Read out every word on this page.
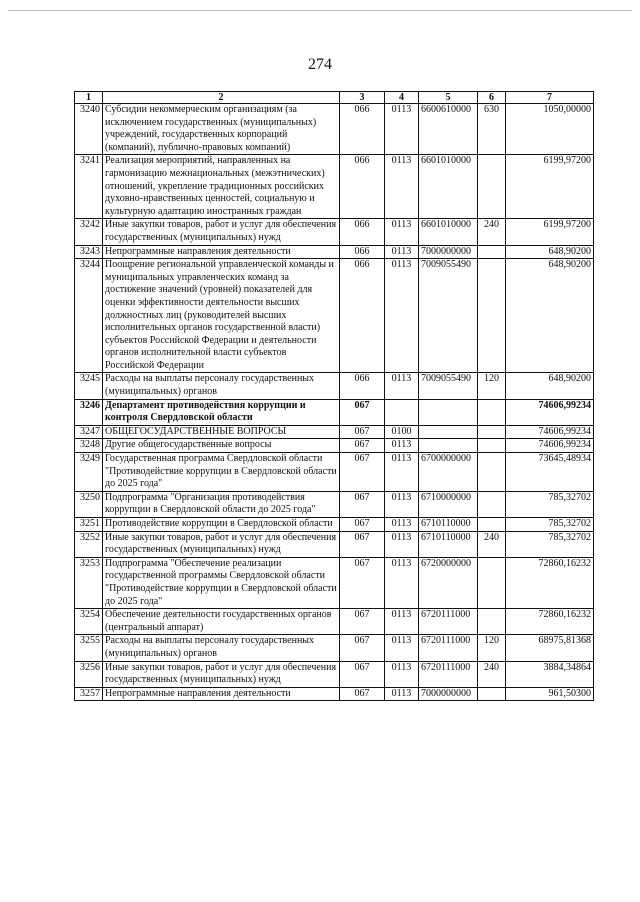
274
1	2	3	4	5	6	7
3240	Субсидии некоммерческим организациям (за исключением государственных (муниципальных) учреждений, государственных корпораций (компаний), публично-правовых компаний)	066	0113	6600610000	630	1050,00000
3241	Реализация мероприятий, направленных на гармонизацию межнациональных (межэтнических) отношений, укрепление традиционных российских духовно-нравственных ценностей, социальную и культурную адаптацию иностранных граждан	066	0113	6601010000		6199,97200
3242	Иные закупки товаров, работ и услуг для обеспечения государственных (муниципальных) нужд	066	0113	6601010000	240	6199,97200
3243	Непрограммные направления деятельности	066	0113	7000000000		648,90200
3244	Поощрение региональной управленческой команды и муниципальных управленческих команд за достижение значений (уровней) показателей для оценки эффективности деятельности высших должностных лиц (руководителей высших исполнительных органов государственной власти) субъектов Российской Федерации и деятельности органов исполнительной власти субъектов Российской Федерации	066	0113	7009055490		648,90200
3245	Расходы на выплаты персоналу государственных (муниципальных) органов	066	0113	7009055490	120	648,90200
3246	Департамент противодействия коррупции и контроля Свердловской области	067				74606,99234
3247	ОБЩЕГОСУДАРСТВЕННЫЕ ВОПРОСЫ	067	0100			74606,99234
3248	Другие общегосударственные вопросы	067	0113			74606,99234
3249	Государственная программа Свердловской области "Противодействие коррупции в Свердловской области до 2025 года"	067	0113	6700000000		73645,48934
3250	Подпрограмма "Организация противодействия коррупции в Свердловской области до 2025 года"	067	0113	6710000000		785,32702
3251	Противодействие коррупции в Свердловской области	067	0113	6710110000		785,32702
3252	Иные закупки товаров, работ и услуг для обеспечения государственных (муниципальных) нужд	067	0113	6710110000	240	785,32702
3253	Подпрограмма "Обеспечение реализации государственной программы Свердловской области "Противодействие коррупции в Свердловской области до 2025 года"	067	0113	6720000000		72860,16232
3254	Обеспечение деятельности государственных органов (центральный аппарат)	067	0113	6720111000		72860,16232
3255	Расходы на выплаты персоналу государственных (муниципальных) органов	067	0113	6720111000	120	68975,81368
3256	Иные закупки товаров, работ и услуг для обеспечения государственных (муниципальных) нужд	067	0113	6720111000	240	3884,34864
3257	Непрограммные направления деятельности	067	0113	7000000000		961,50300
